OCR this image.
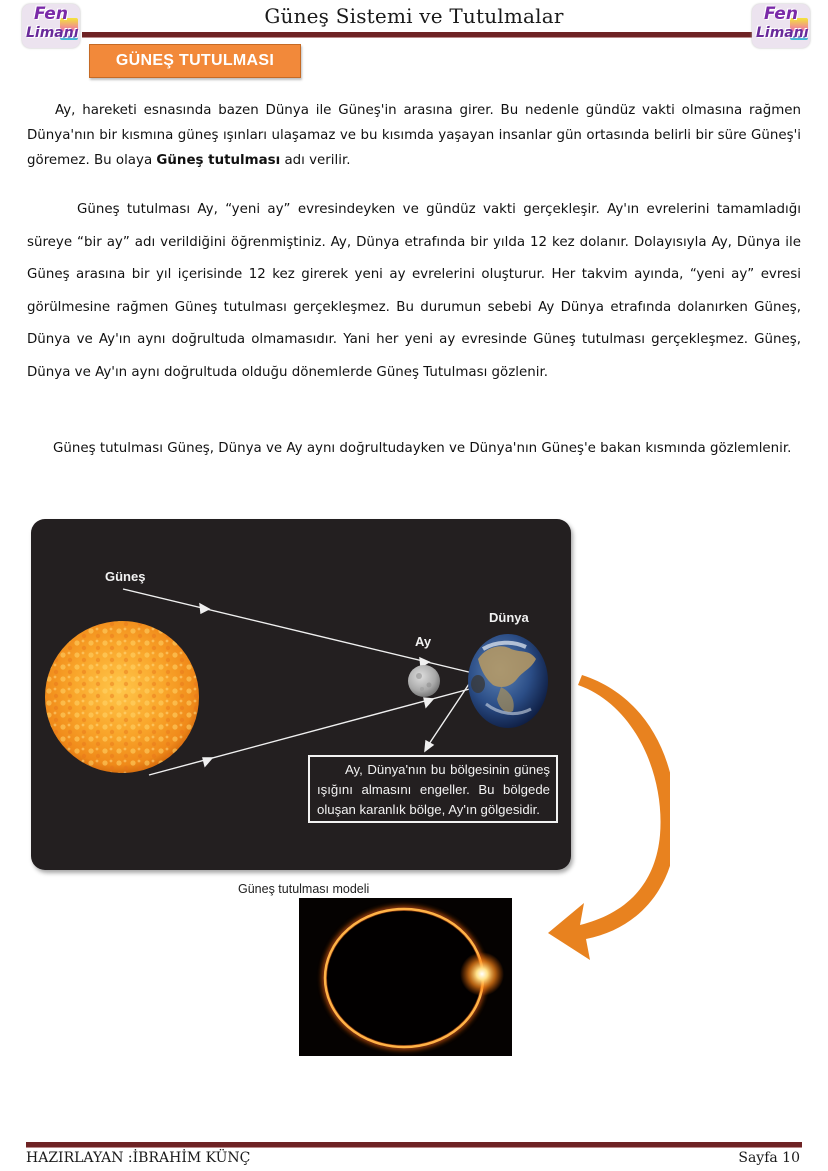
Fen
Limanı
Güneş Sistemi ve Tutulmalar	Fen
Limanı
GÜNEŞ TUTULMASI
Ay, hareketi esnasında bazen Dünya ile Güneş'in arasına girer. Bu nedenle gündüz vakti olmasına rağmen Dünya'nın bir kısmına güneş ışınları ulaşamaz ve bu kısımda yaşayan insanlar gün ortasında belirli bir süre Güneş'i göremez. Bu olaya Güneş tutulması adı verilir.
Güneş tutulması Ay, “yeni ay” evresindeyken ve gündüz vakti gerçekleşir. Ay'ın evrelerini tamamladığı süreye “bir ay” adı verildiğini öğrenmiştiniz. Ay, Dünya etrafında bir yılda 12 kez dolanır. Dolayısıyla Ay, Dünya ile Güneş arasına bir yıl içerisinde 12 kez girerek yeni ay evrelerini oluşturur. Her takvim ayında, “yeni ay” evresi görülmesine rağmen Güneş tutulması gerçekleşmez. Bu durumun sebebi Ay Dünya etrafında dolanırken Güneş, Dünya ve Ay'ın aynı doğrultuda olmamasıdır. Yani her yeni ay evresinde Güneş tutulması gerçekleşmez. Güneş, Dünya ve Ay'ın aynı doğrultuda olduğu dönemlerde Güneş Tutulması gözlenir.
Güneş tutulması Güneş, Dünya ve Ay aynı doğrultudayken ve Dünya'nın Güneş'e bakan kısmında gözlemlenir.
Güneş
Ay
Dünya
Ay, Dünya'nın bu bölgesinin güneş ışığını almasını engeller. Bu bölgede oluşan karanlık bölge, Ay'ın gölgesidir.
Güneş tutulması modeli
HAZIRLAYAN :İBRAHİM KÜNÇ	Sayfa 10
